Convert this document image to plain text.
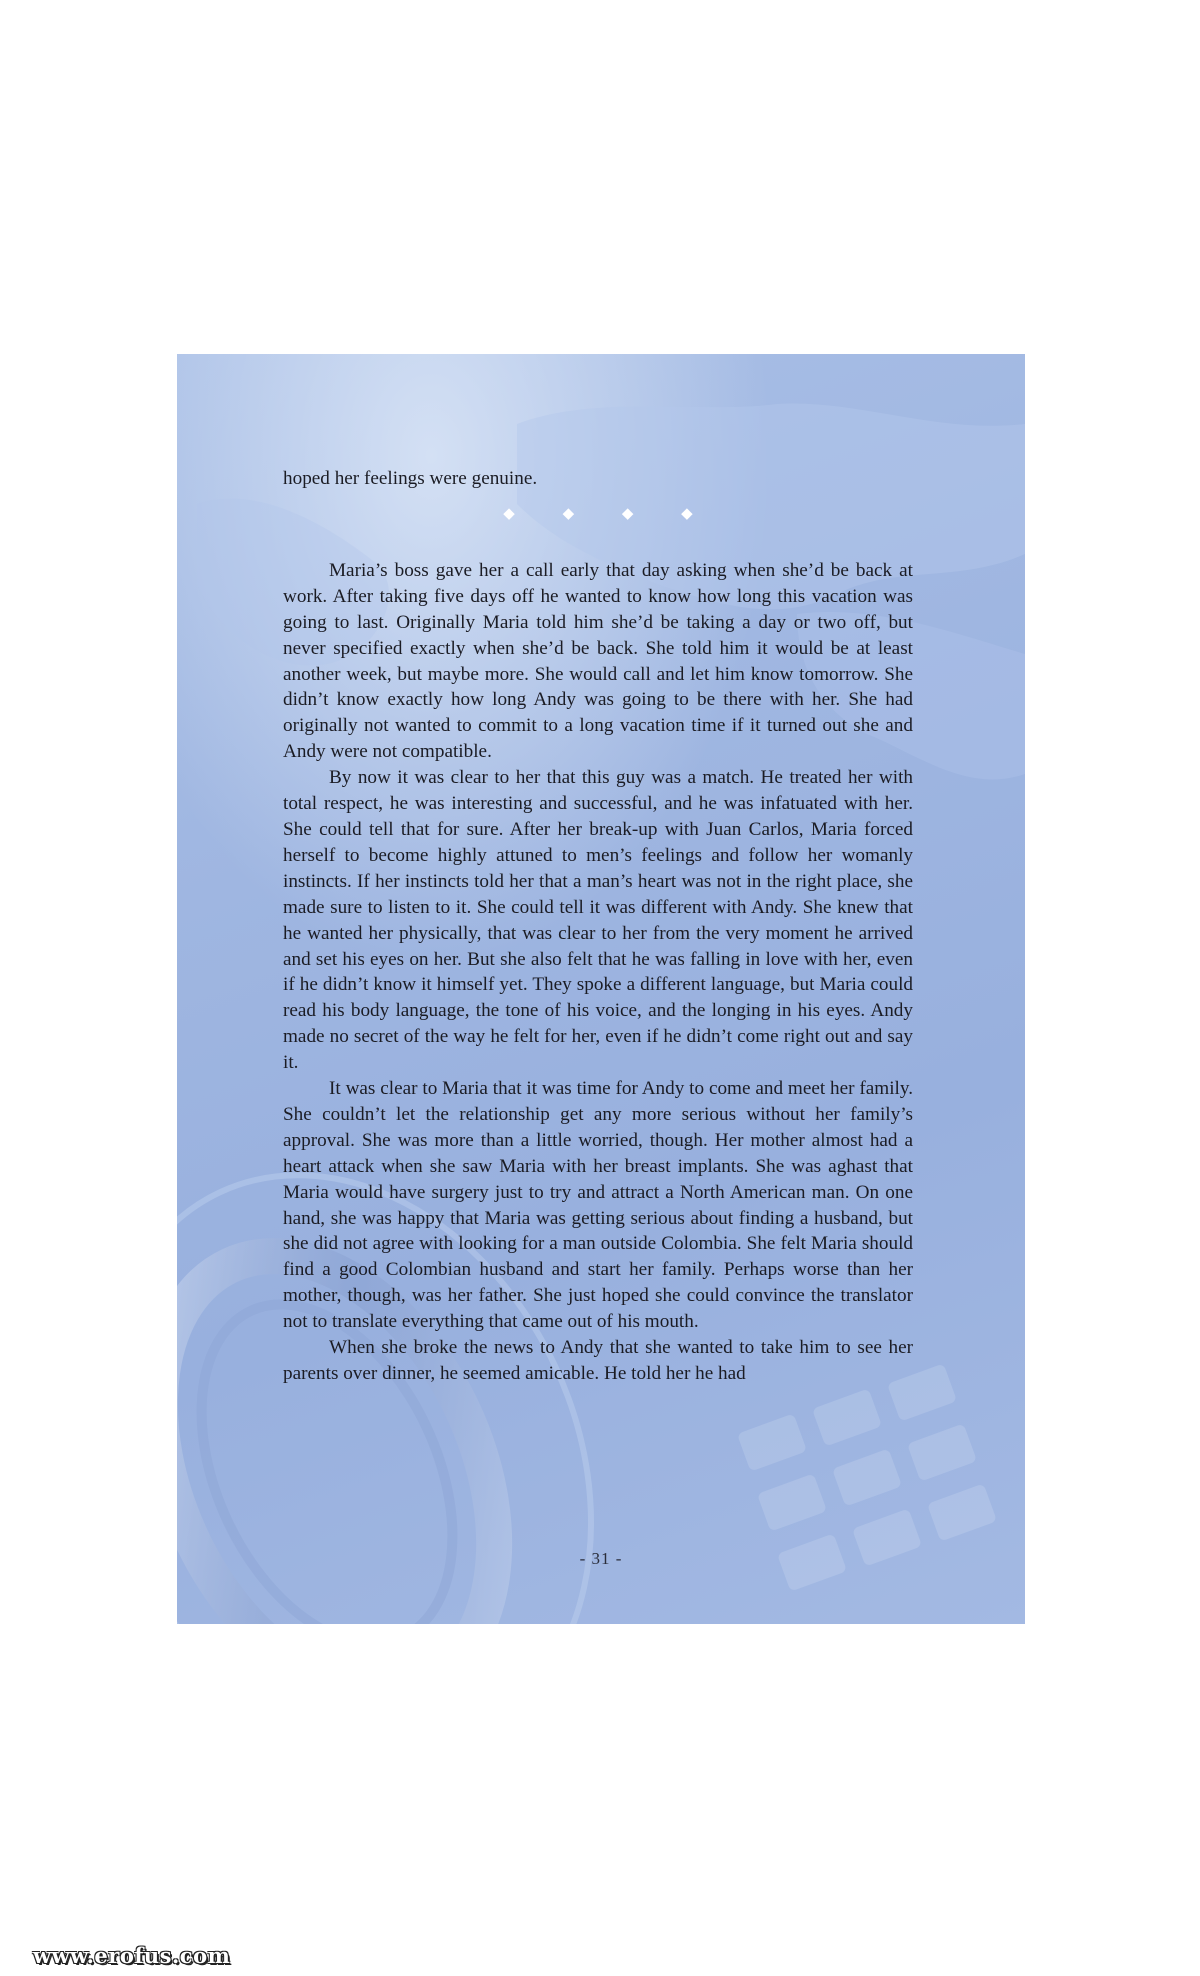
hoped her feelings were genuine.

◆ ◆ ◆ ◆

Maria’s boss gave her a call early that day asking when she’d be back at work. After taking five days off he wanted to know how long this vacation was going to last. Originally Maria told him she’d be taking a day or two off, but never specified exactly when she’d be back. She told him it would be at least another week, but maybe more. She would call and let him know tomorrow. She didn’t know exactly how long Andy was going to be there with her. She had originally not wanted to commit to a long vacation time if it turned out she and Andy were not compatible.

By now it was clear to her that this guy was a match. He treated her with total respect, he was interesting and successful, and he was infatuated with her. She could tell that for sure. After her break-up with Juan Carlos, Maria forced herself to become highly attuned to men’s feelings and follow her womanly instincts. If her instincts told her that a man’s heart was not in the right place, she made sure to listen to it. She could tell it was different with Andy. She knew that he wanted her physically, that was clear to her from the very moment he arrived and set his eyes on her. But she also felt that he was falling in love with her, even if he didn’t know it himself yet. They spoke a different language, but Maria could read his body language, the tone of his voice, and the longing in his eyes. Andy made no secret of the way he felt for her, even if he didn’t come right out and say it.

It was clear to Maria that it was time for Andy to come and meet her family. She couldn’t let the relationship get any more serious without her family’s approval. She was more than a little worried, though. Her mother almost had a heart attack when she saw Maria with her breast implants. She was aghast that Maria would have surgery just to try and attract a North American man. On one hand, she was happy that Maria was getting serious about finding a husband, but she did not agree with looking for a man outside Colombia. She felt Maria should find a good Colombian husband and start her family. Perhaps worse than her mother, though, was her father. She just hoped she could convince the translator not to translate everything that came out of his mouth.

When she broke the news to Andy that she wanted to take him to see her parents over dinner, he seemed amicable. He told her he had

- 31 -
www.erofus.com
